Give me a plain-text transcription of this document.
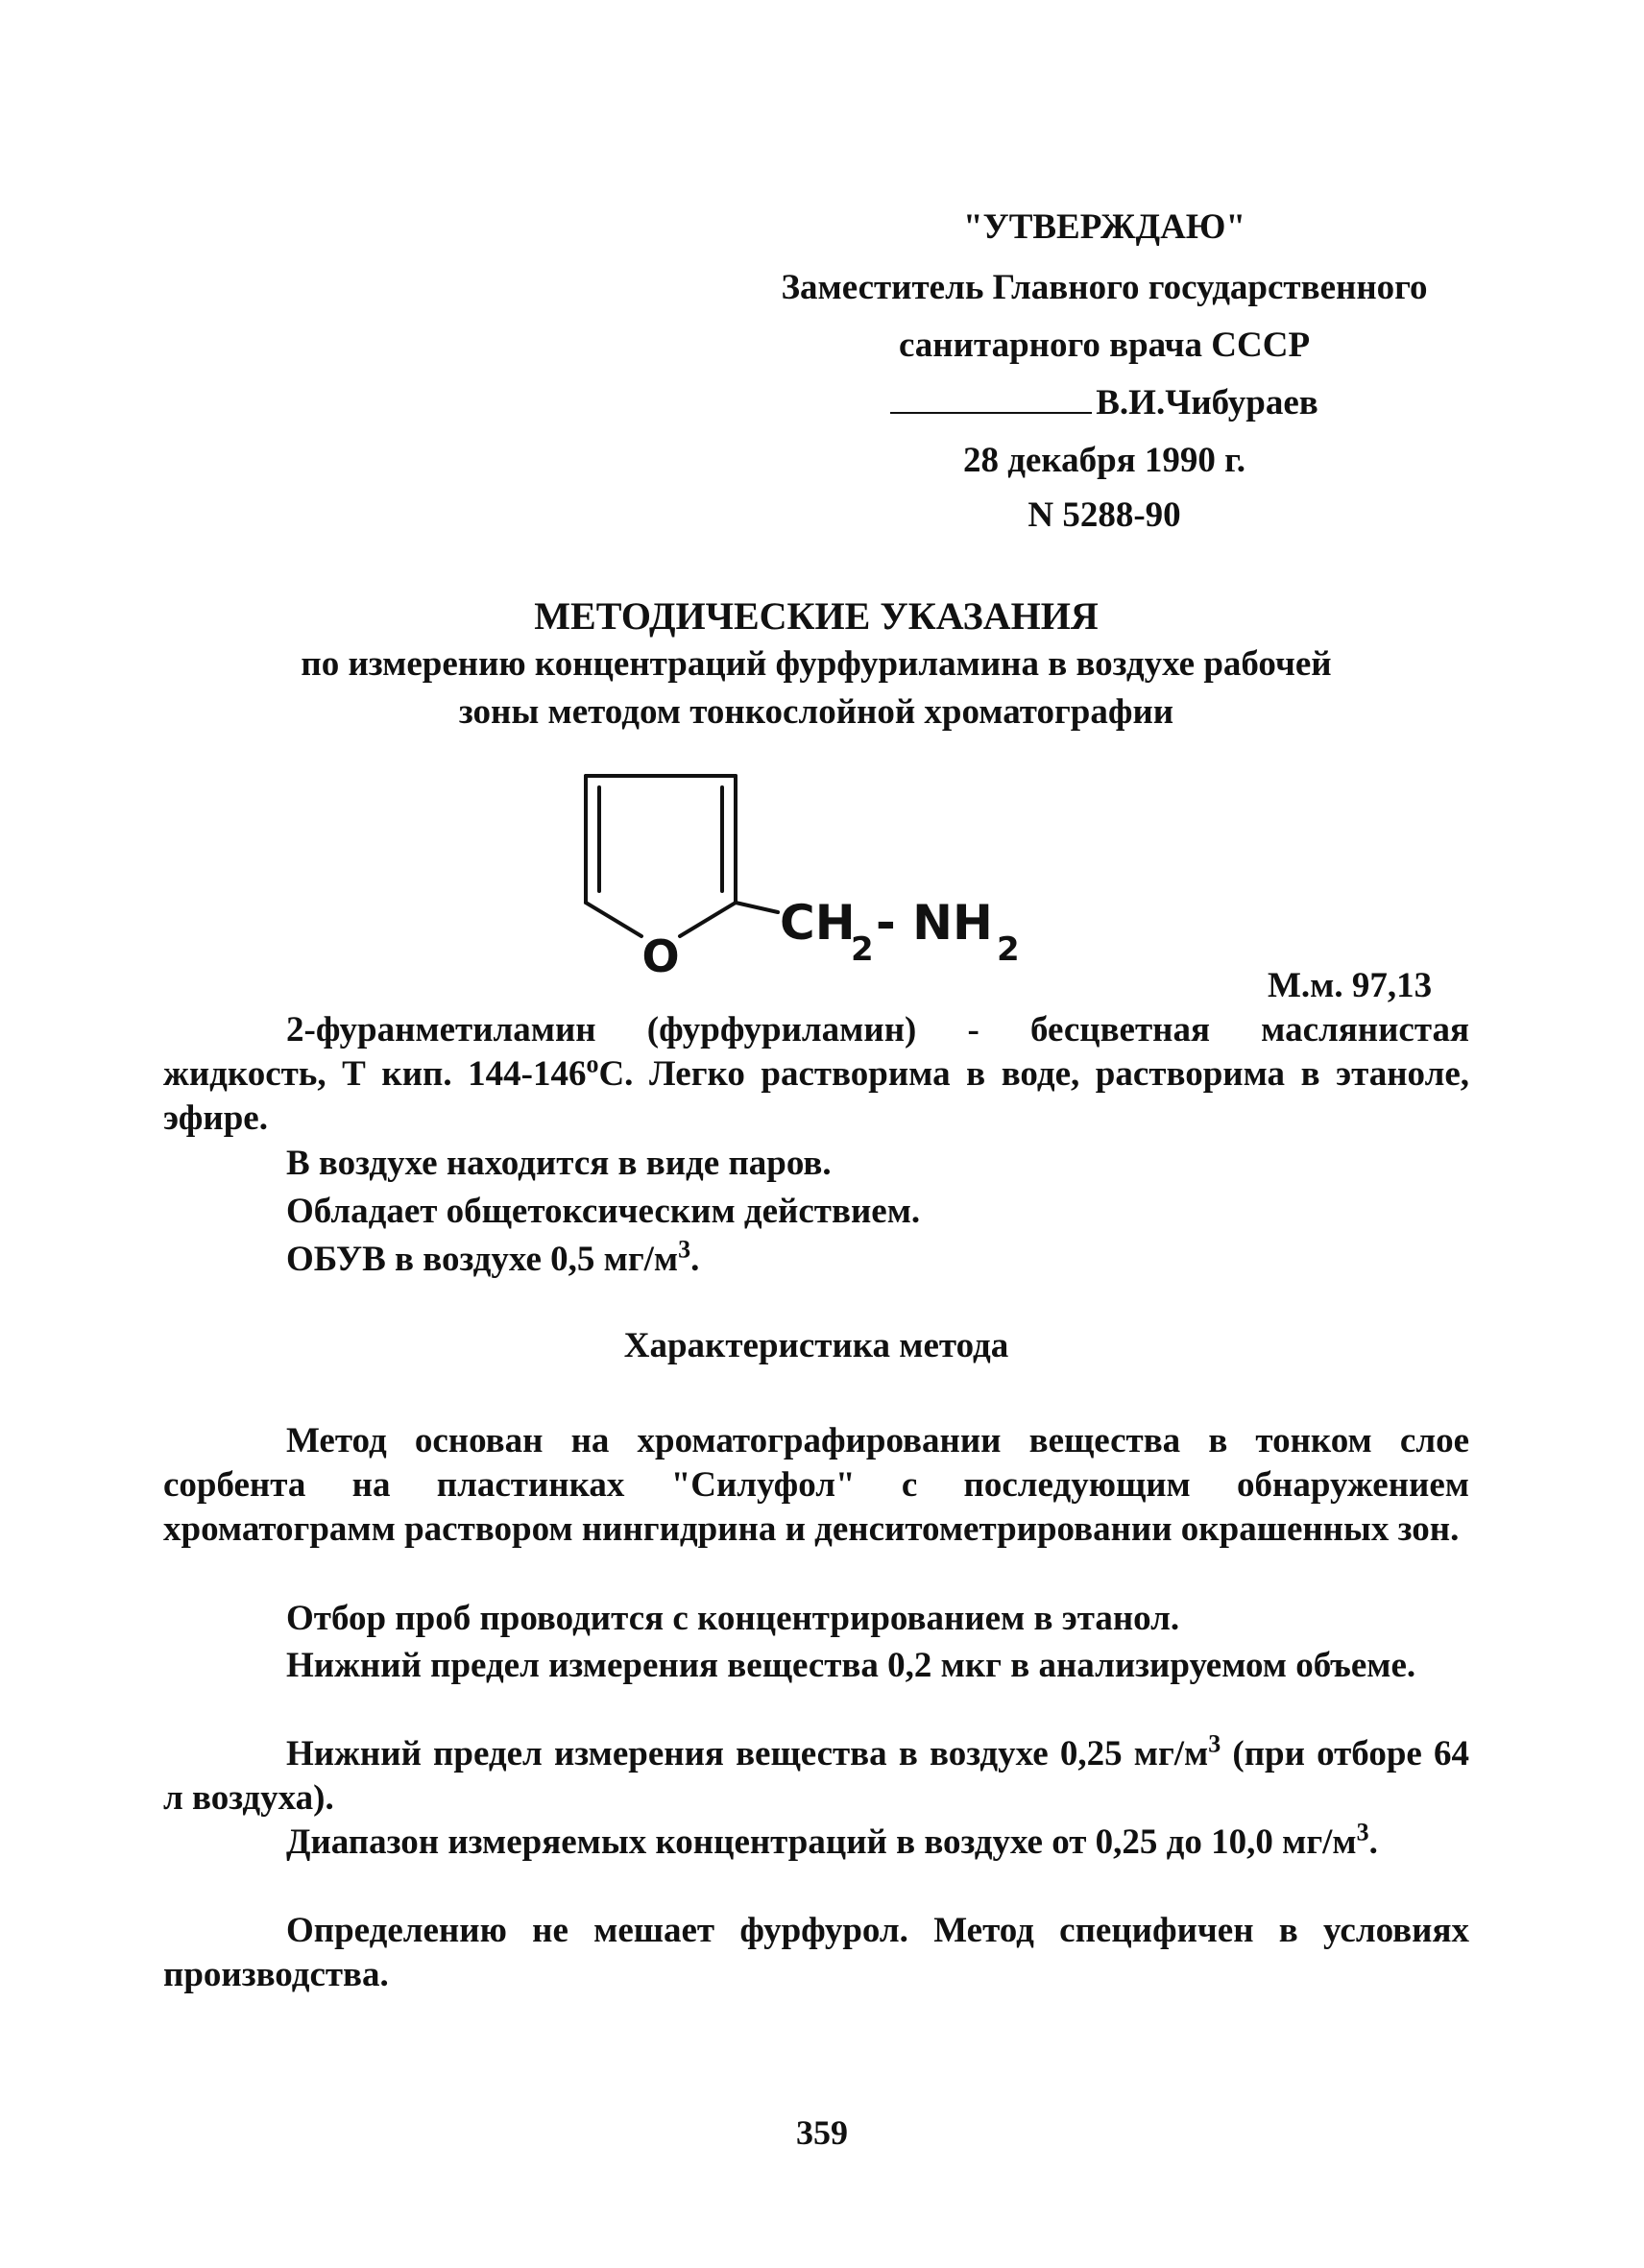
"УТВЕРЖДАЮ"
Заместитель Главного государственного
санитарного врача СССР
В.И.Чибураев
28 декабря 1990 г.
N 5288-90
МЕТОДИЧЕСКИЕ УКАЗАНИЯ
по измерению концентраций фурфуриламина в воздухе рабочей
зоны методом тонкослойной хроматографии
O
CH
2 - NH 2
М.м. 97,13
2-фуранметиламин (фурфуриламин) - бесцветная маслянистая жидкость, Т кип. $144-146^оС$. Легко растворима в воде, растворима в этаноле, эфире.
В воздухе находится в виде паров.
Обладает общетоксическим действием.
ОБУВ в воздухе 0,5 $мг/м^3$.
Характеристика метода
Метод основан на хроматографировании вещества в тонком слое сорбента на пластинках "Силуфол" с последующим обнаружением хроматограмм раствором нингидрина и денситометрировании окрашенных зон.
Отбор проб проводится с концентрированием в этанол.
Нижний предел измерения вещества 0,2 мкг в анализируемом объеме.
Нижний предел измерения вещества в воздухе 0,25 $мг/м^3$ (при отборе 64 л воздуха).
Диапазон измеряемых концентраций в воздухе от 0,25 до 10,0 $мг/м^3$.
Определению не мешает фурфурол. Метод специфичен в условиях производства.
359
